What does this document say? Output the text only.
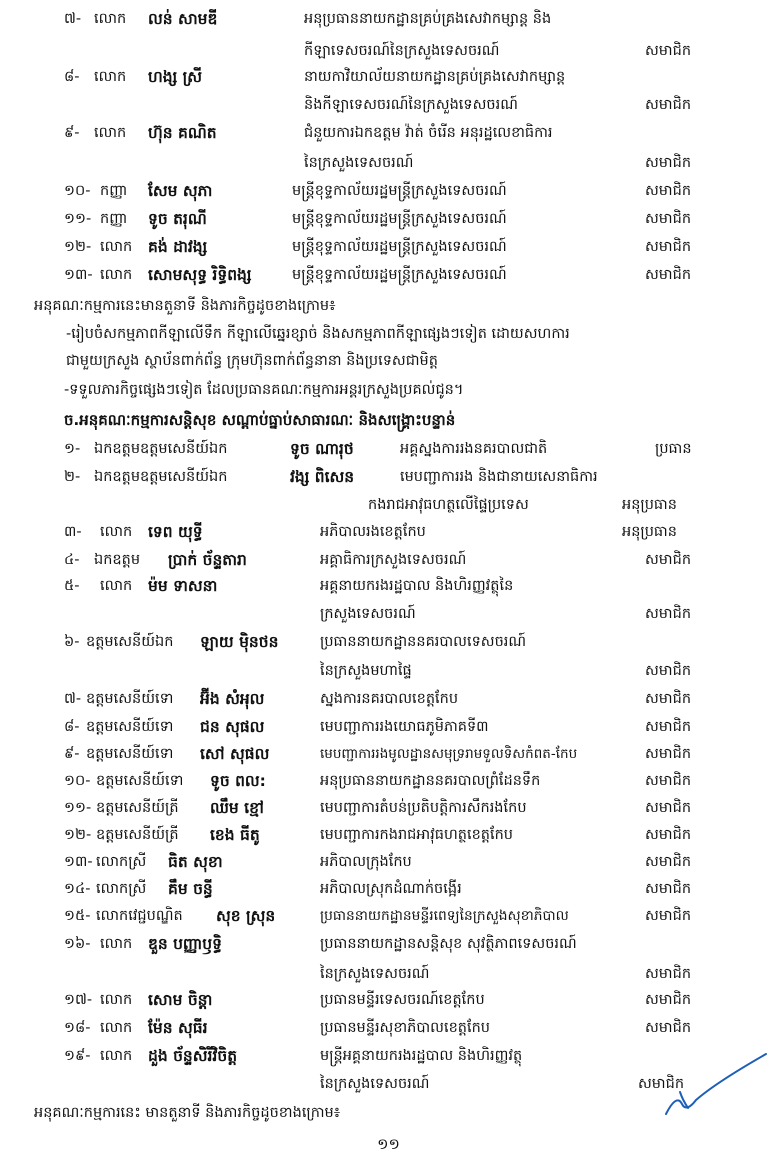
៧- លោក លន់ សាមឌី	អនុប្រធាននាយកដ្ឋានគ្រប់គ្រងសេវាកម្សាន្ត និង
កីឡាទេសចរណ៍នៃក្រសួងទេសចរណ៍	សមាជិក
៨- លោក ហង្ស ស្រី	នាយកាវិយាល័យនាយកដ្ឋានគ្រប់គ្រងសេវាកម្សាន្ត
និងកីឡាទេសចរណ៍នៃក្រសួងទេសចរណ៍	សមាជិក
៩- លោក ហ៊ុន គណិត	ជំនួយការឯកឧត្តម វ៉ាត់ ចំរើន អនុរដ្ឋលេខាធិការ
នៃក្រសួងទេសចរណ៍	សមាជិក
១០- កញ្ញា សែម សុភា	មន្ត្រីខុទ្ទកាល័យរដ្ឋមន្ត្រីក្រសួងទេសចរណ៍	សមាជិក
១១- កញ្ញា ទូច តរុណី	មន្ត្រីខុទ្ទកាល័យរដ្ឋមន្ត្រីក្រសួងទេសចរណ៍	សមាជិក
១២- លោក គង់ ដាវង្ស	មន្ត្រីខុទ្ទកាល័យរដ្ឋមន្ត្រីក្រសួងទេសចរណ៍	សមាជិក
១៣- លោក សោមសុទ្ធ រិទ្ធិពង្ស	មន្ត្រីខុទ្ទកាល័យរដ្ឋមន្ត្រីក្រសួងទេសចរណ៍	សមាជិក
អនុគណៈកម្មការនេះមានតួនាទី និងភារកិច្ចដូចខាងក្រោម៖
-រៀបចំសកម្មភាពកីឡាលើទឹក កីឡាលើឆ្នេរខ្សាច់ និងសកម្មភាពកីឡាផ្សេងៗទៀត ដោយសហការ
ជាមួយក្រសួង ស្ថាប័នពាក់ព័ន្ធ ក្រុមហ៊ុនពាក់ព័ន្ធនានា និងប្រទេសជាមិត្ត
-ទទួលភារកិច្ចផ្សេងៗទៀត ដែលប្រធានគណៈកម្មការអន្តរក្រសួងប្រគល់ជូន។
ច.អនុគណៈកម្មការសន្តិសុខ សណ្តាប់ធ្នាប់សាធារណៈ និងសង្គ្រោះបន្ទាន់
១- ឯកឧត្តមឧត្តមសេនីយ៍ឯក	ទូច ណារុថ	អគ្គស្នងការរងនគរបាលជាតិ	ប្រធាន
២- ឯកឧត្តមឧត្តមសេនីយ៍ឯក	វង្ស ពិសេន	មេបញ្ជាការរង និងជានាយសេនាធិការ
កងរាជអាវុធហត្ថលើផ្ទៃប្រទេស	អនុប្រធាន
៣- លោក ទេព យុទ្ធី	អភិបាលរងខេត្តកែប	អនុប្រធាន
៤- ឯកឧត្តម ប្រាក់ ច័ន្ទតារា	អគ្គាធិការក្រសួងទេសចរណ៍	សមាជិក
៥- លោក ម៉ម ទាសនា	អគ្គនាយករងរដ្ឋបាល និងហិរញ្ញវត្ថុនៃ
ក្រសួងទេសចរណ៍	សមាជិក
៦- ឧត្តមសេនីយ៍ឯក ឡាយ ម៉ិនថន	ប្រធាននាយកដ្ឋាននគរបាលទេសចរណ៍
នៃក្រសួងមហាផ្ទៃ	សមាជិក
៧- ឧត្តមសេនីយ៍ទោ អ៊ីង សំអុល	ស្នងការនគរបាលខេត្តកែប	សមាជិក
៨- ឧត្តមសេនីយ៍ទោ ជន សុផល	មេបញ្ជាការរងយោធភូមិភាគទី៣	សមាជិក
៩- ឧត្តមសេនីយ៍ទោ សៅ សុផល	មេបញ្ជាការរងមូលដ្ឋានសមុទ្ររាមទួលទិសកំពត-កែប	សមាជិក
១០- ឧត្តមសេនីយ៍ទោ ទូច ពល:	អនុប្រធាននាយកដ្ឋាននគរបាលព្រំដែនទឹក	សមាជិក
១១- ឧត្តមសេនីយ៍ត្រី ឈឹម ខ្មៅ	មេបញ្ជាការតំបន់ប្រតិបត្តិការសឹករងកែប	សមាជិក
១២- ឧត្តមសេនីយ៍ត្រី ខេង ធីតូ	មេបញ្ជាការកងរាជអាវុធហត្ថខេត្តកែប	សមាជិក
១៣- លោកស្រី ធិត សុខា	អភិបាលក្រុងកែប	សមាជិក
១៤- លោកស្រី គឹម ចន្ធី	អភិបាលស្រុកដំណាក់ចង្អើរ	សមាជិក
១៥- លោកវេជ្ជបណ្ឌិត សុខ ស្រុន	ប្រធាននាយកដ្ឋានមន្ទីរពេទ្យនៃក្រសួងសុខាភិបាល	សមាជិក
១៦- លោក ឌួន បញ្ញាឫទ្ធិ	ប្រធាននាយកដ្ឋានសន្តិសុខ សុវត្ថិភាពទេសចរណ៍
នៃក្រសួងទេសចរណ៍	សមាជិក
១៧- លោក សោម ចិន្តា	ប្រធានមន្ទីរទេសចរណ៍ខេត្តកែប	សមាជិក
១៨- លោក ម៉ែន សុធីរ	ប្រធានមន្ទីរសុខាភិបាលខេត្តកែប	សមាជិក
១៩- លោក ដួង ច័ន្ទសិរីវិចិត្ត	មន្ត្រីអគ្គនាយករងរដ្ឋបាល និងហិរញ្ញវត្ថុ
នៃក្រសួងទេសចរណ៍	សមាជិក
អនុគណៈកម្មការនេះ មានតួនាទី និងភារកិច្ចដូចខាងក្រោម៖
១១
